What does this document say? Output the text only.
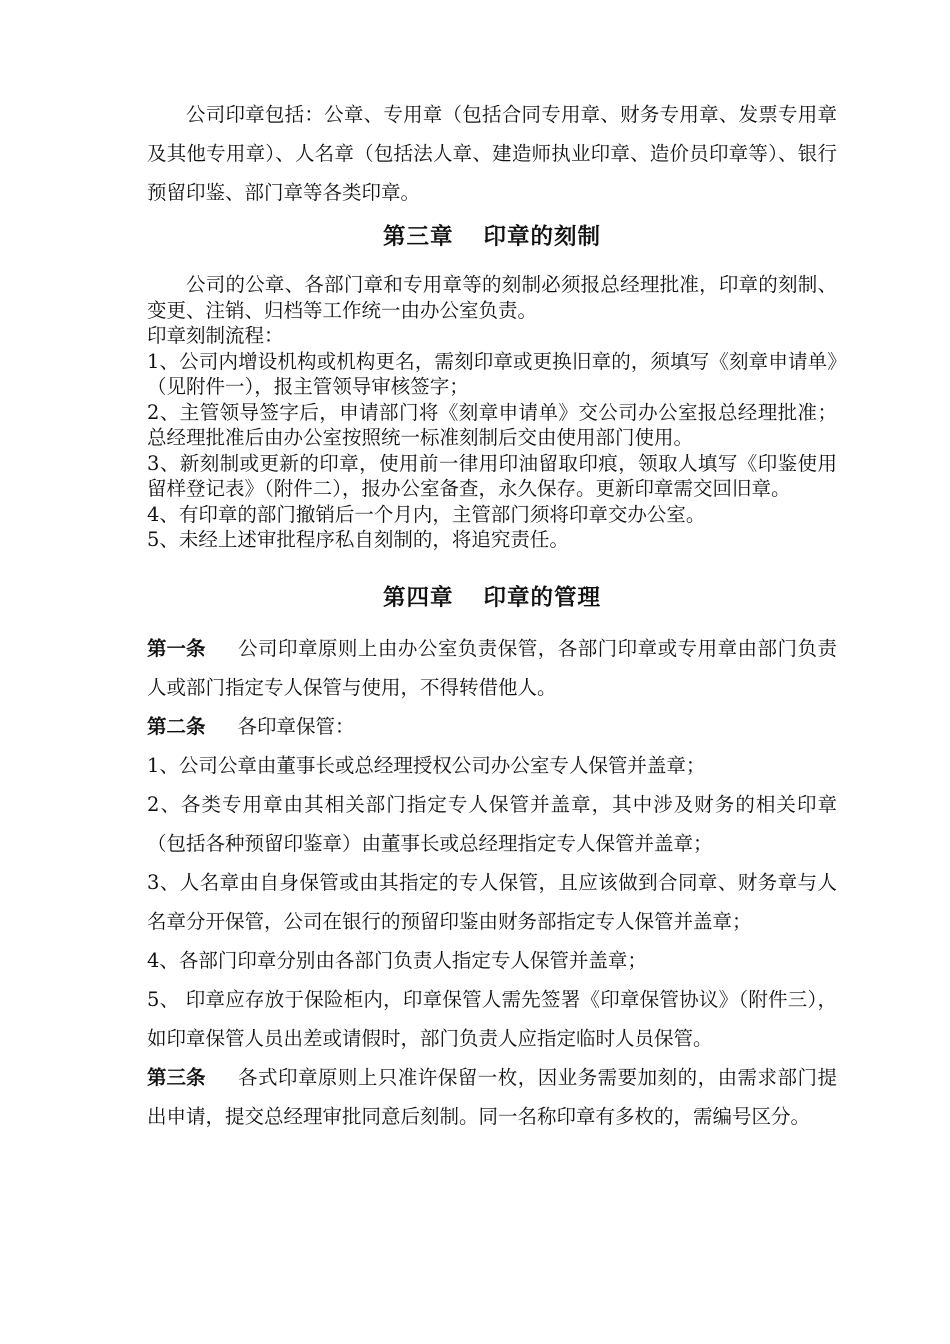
公司印章包括：公章、专用章（包括合同专用章、财务专用章、发票专用章及其他专用章）、人名章（包括法人章、建造师执业印章、造价员印章等）、银行预留印鉴、部门章等各类印章。

第三章 印章的刻制

公司的公章、各部门章和专用章等的刻制必须报总经理批准，印章的刻制、变更、注销、归档等工作统一由办公室负责。

印章刻制流程：

1、公司内增设机构或机构更名，需刻印章或更换旧章的，须填写《刻章申请单》（见附件一），报主管领导审核签字；

2、主管领导签字后，申请部门将《刻章申请单》交公司办公室报总经理批准；总经理批准后由办公室按照统一标准刻制后交由使用部门使用。

3、新刻制或更新的印章，使用前一律用印油留取印痕，领取人填写《印鉴使用留样登记表》（附件二），报办公室备查，永久保存。更新印章需交回旧章。

4、有印章的部门撤销后一个月内，主管部门须将印章交办公室。

5、未经上述审批程序私自刻制的，将追究责任。

第四章 印章的管理

第一条 公司印章原则上由办公室负责保管，各部门印章或专用章由部门负责人或部门指定专人保管与使用，不得转借他人。

第二条 各印章保管：

1、公司公章由董事长或总经理授权公司办公室专人保管并盖章；

2、各类专用章由其相关部门指定专人保管并盖章，其中涉及财务的相关印章（包括各种预留印鉴章）由董事长或总经理指定专人保管并盖章；

3、人名章由自身保管或由其指定的专人保管，且应该做到合同章、财务章与人名章分开保管，公司在银行的预留印鉴由财务部指定专人保管并盖章；

4、各部门印章分别由各部门负责人指定专人保管并盖章；

5、 印章应存放于保险柜内，印章保管人需先签署《印章保管协议》（附件三）， 如印章保管人员出差或请假时，部门负责人应指定临时人员保管。

第三条 各式印章原则上只准许保留一枚，因业务需要加刻的，由需求部门提出申请，提交总经理审批同意后刻制。同一名称印章有多枚的，需编号区分。
